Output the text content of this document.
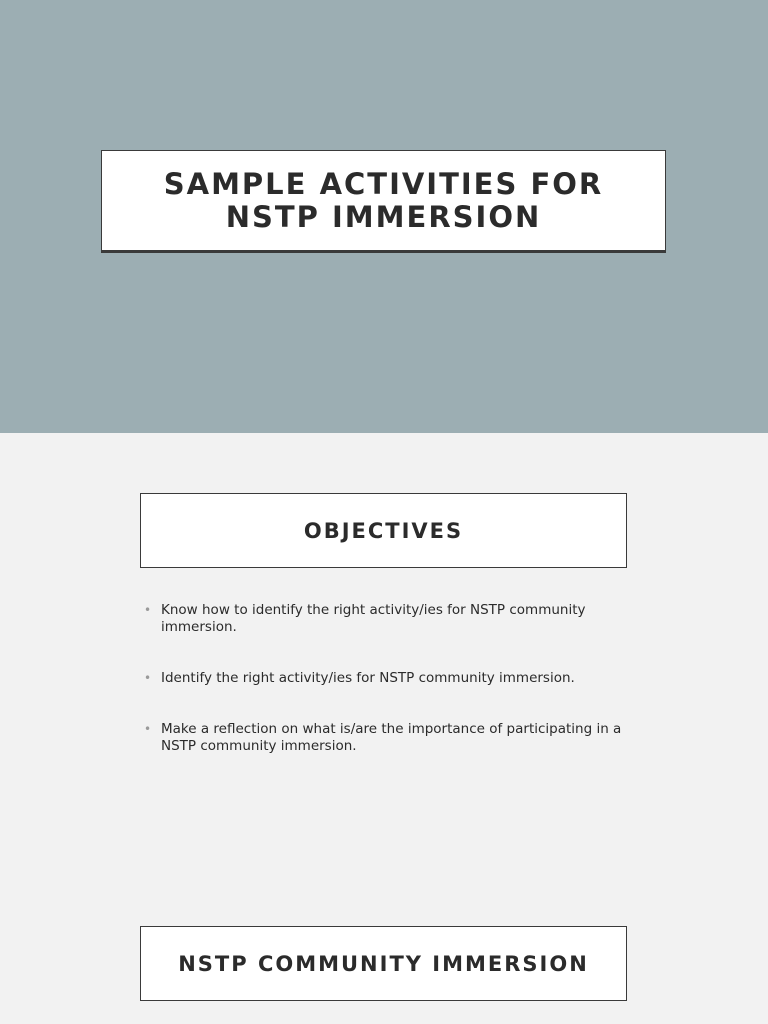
SAMPLE ACTIVITIES FOR NSTP IMMERSION
OBJECTIVES
• Know how to identify the right activity/ies for NSTP community immersion.
• Identify the right activity/ies for NSTP community immersion.
• Make a reflection on what is/are the importance of participating in a NSTP community immersion.
NSTP COMMUNITY IMMERSION
